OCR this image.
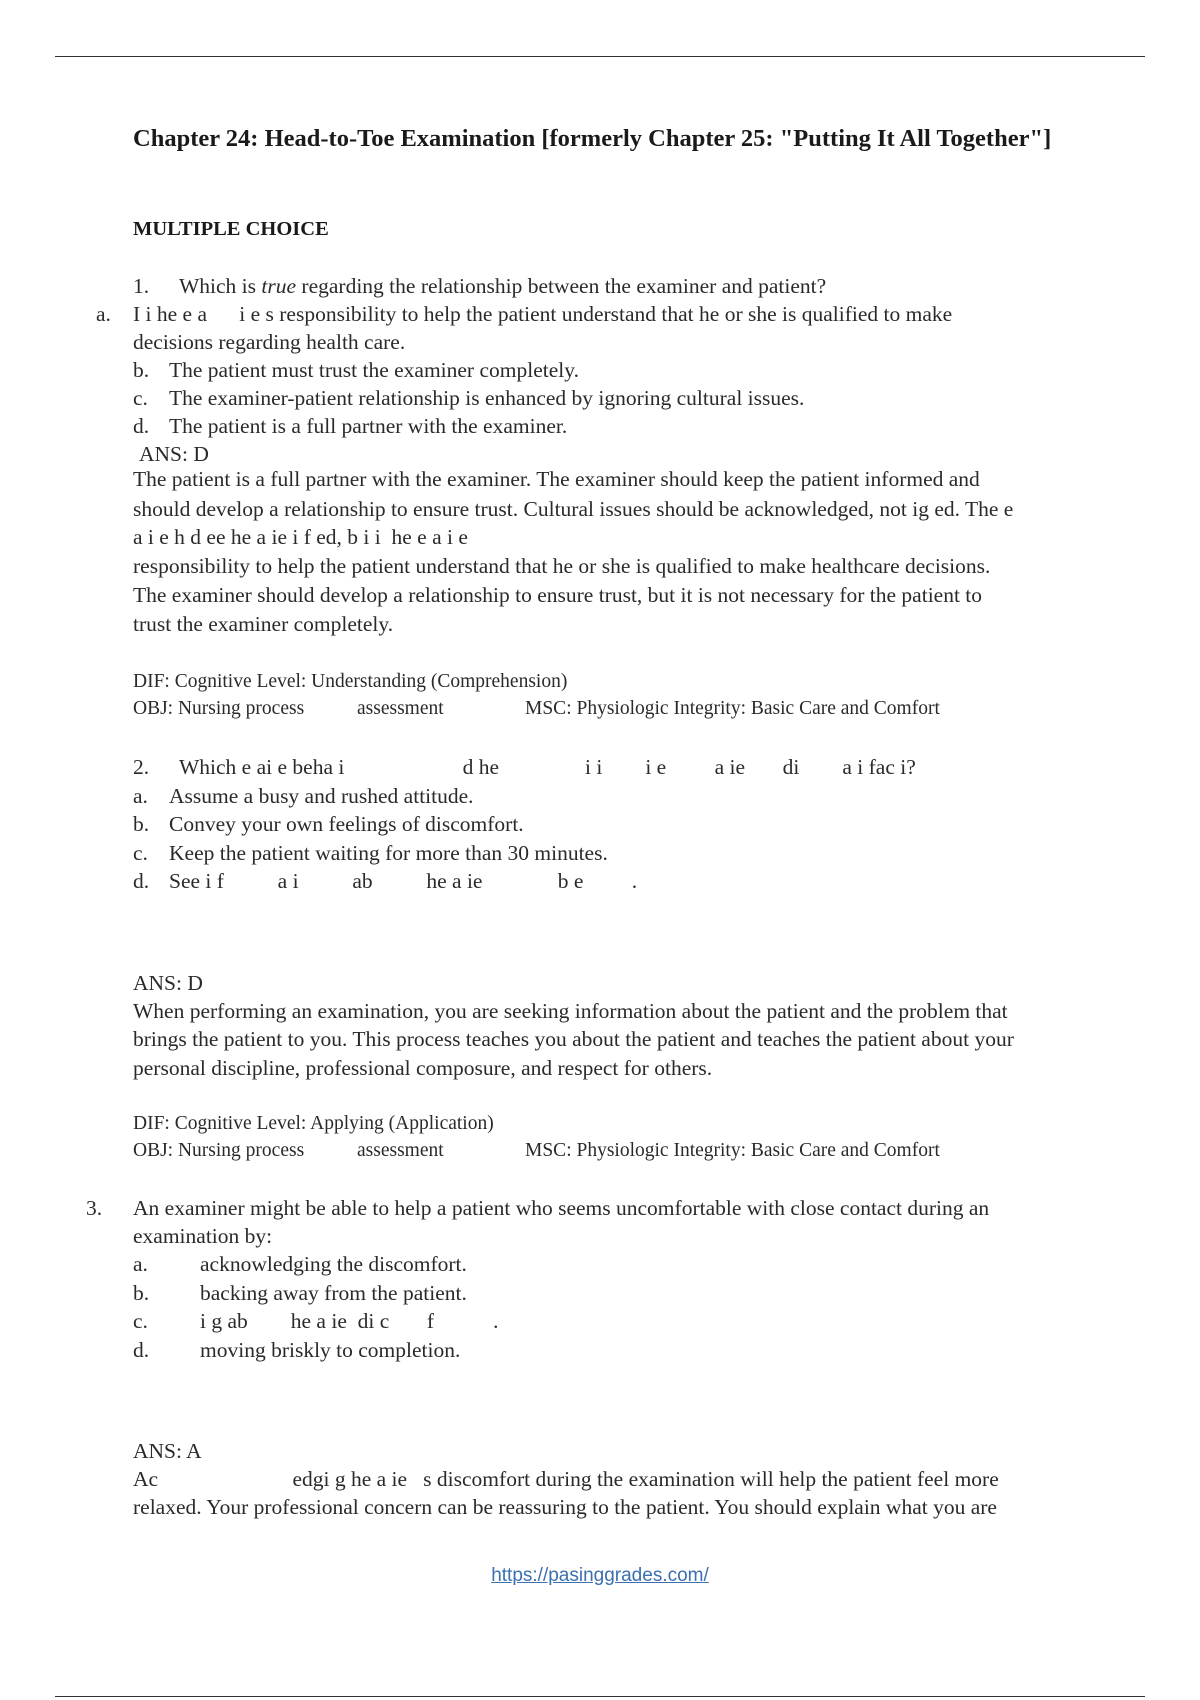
Chapter 24: Head-to-Toe Examination [formerly Chapter 25: "Putting It All Together"]
MULTIPLE CHOICE
1. Which is true regarding the relationship between the examiner and patient?
a. I i he e a      i e s responsibility to help the patient understand that he or she is qualified to make
decisions regarding health care.
b. The patient must trust the examiner completely.
c. The examiner-patient relationship is enhanced by ignoring cultural issues.
d. The patient is a full partner with the examiner.
ANS: D
The patient is a full partner with the examiner. The examiner should keep the patient informed and
should develop a relationship to ensure trust. Cultural issues should be acknowledged, not ig ed. The e
a i e h d ee he a ie i f ed, b i i  he e a i e
responsibility to help the patient understand that he or she is qualified to make healthcare decisions.
The examiner should develop a relationship to ensure trust, but it is not necessary for the patient to
trust the examiner completely.
DIF: Cognitive Level: Understanding (Comprehension)
OBJ: Nursing process	assessment	MSC: Physiologic Integrity: Basic Care and Comfort
2. Which e ai e beha i                      d he                i i        i e         a ie       di        a i fac i?
a. Assume a busy and rushed attitude.
b. Convey your own feelings of discomfort.
c. Keep the patient waiting for more than 30 minutes.
d. See i f          a i          ab          he a ie              b e         .
ANS: D
When performing an examination, you are seeking information about the patient and the problem that
brings the patient to you. This process teaches you about the patient and teaches the patient about your
personal discipline, professional composure, and respect for others.
DIF: Cognitive Level: Applying (Application)
OBJ: Nursing process	assessment	MSC: Physiologic Integrity: Basic Care and Comfort
3. An examiner might be able to help a patient who seems uncomfortable with close contact during an
examination by:
a. acknowledging the discomfort.
b. backing away from the patient.
c. i g ab        he a ie  di c       f           .
d. moving briskly to completion.
ANS: A
Ac                         edgi g he a ie   s discomfort during the examination will help the patient feel more
relaxed. Your professional concern can be reassuring to the patient. You should explain what you are
https://pasinggrades.com/
